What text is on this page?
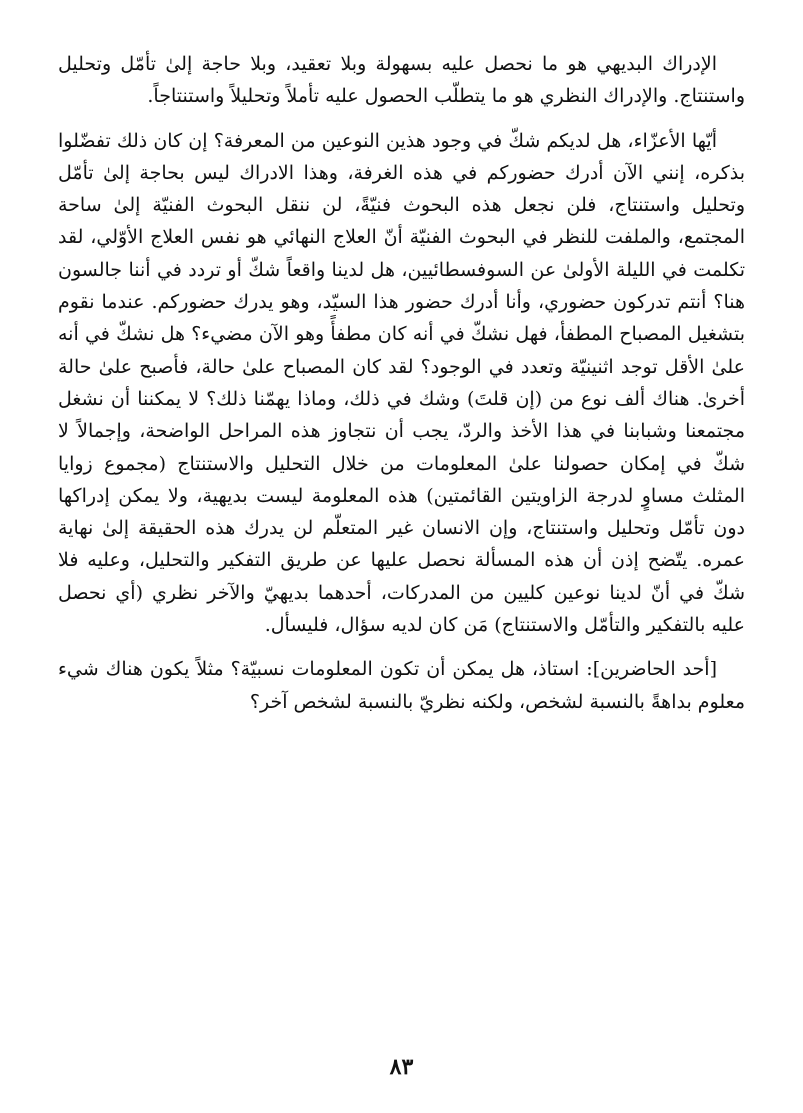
الإدراك البديهي هو ما نحصل عليه بسهولة وبلا تعقيد، وبلا حاجة إلىٰ تأمّل وتحليل واستنتاج. والإدراك النظري هو ما يتطلّب الحصول عليه تأملاً وتحليلاً واستنتاجاً.

أيّها الأعزّاء، هل لديكم شكّ في وجود هذين النوعين من المعرفة؟ إن كان ذلك تفضّلوا بذكره، إنني الآن أدرك حضوركم في هذه الغرفة، وهذا الادراك ليس بحاجة إلىٰ تأمّل وتحليل واستنتاج، فلن نجعل هذه البحوث فنيّةً، لن ننقل البحوث الفنيّة إلىٰ ساحة المجتمع، والملفت للنظر في البحوث الفنيّة أنّ العلاج النهائي هو نفس العلاج الأوّلي، لقد تكلمت في الليلة الأولىٰ عن السوفسطائيين، هل لدينا واقعاً شكّ أو تردد في أننا جالسون هنا؟ أنتم تدركون حضوري، وأنا أدرك حضور هذا السيّد، وهو يدرك حضوركم. عندما نقوم بتشغيل المصباح المطفأ، فهل نشكّ في أنه كان مطفأً وهو الآن مضيء؟ هل نشكّ في أنه علىٰ الأقل توجد اثنينيّة وتعدد في الوجود؟ لقد كان المصباح علىٰ حالة، فأصبح علىٰ حالة أخرىٰ. هناك ألف نوع من (إن قلتَ) وشك في ذلك، وماذا يهمّنا ذلك؟ لا يمكننا أن نشغل مجتمعنا وشبابنا في هذا الأخذ والردّ، يجب أن نتجاوز هذه المراحل الواضحة، وإجمالاً لا شكّ في إمكان حصولنا علىٰ المعلومات من خلال التحليل والاستنتاج (مجموع زوايا المثلث مساوٍ لدرجة الزاويتين القائمتين) هذه المعلومة ليست بديهية، ولا يمكن إدراكها دون تأمّل وتحليل واستنتاج، وإن الانسان غير المتعلّم لن يدرك هذه الحقيقة إلىٰ نهاية عمره. يتّضح إذن أن هذه المسألة نحصل عليها عن طريق التفكير والتحليل، وعليه فلا شكّ في أنّ لدينا نوعين كليين من المدركات، أحدهما بديهيّ والآخر نظري (أي نحصل عليه بالتفكير والتأمّل والاستنتاج) مَن كان لديه سؤال، فليسأل.

[أحد الحاضرين]: استاذ، هل يمكن أن تكون المعلومات نسبيّة؟ مثلاً يكون هناك شيء معلوم بداهةً بالنسبة لشخص، ولكنه نظريّ بالنسبة لشخص آخر؟

٨٣
